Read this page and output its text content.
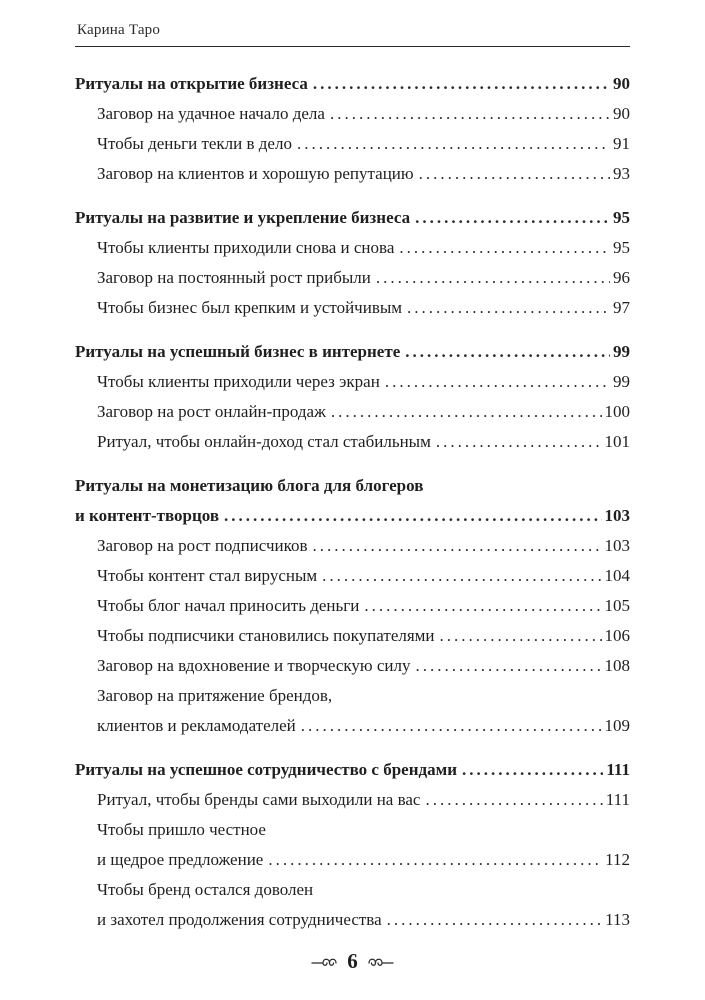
Карина Таро
Ритуалы на открытие бизнеса .....	90
Заговор на удачное начало дела .....	90
Чтобы деньги текли в дело .....	91
Заговор на клиентов и хорошую репутацию .....	93
Ритуалы на развитие и укрепление бизнеса .....	95
Чтобы клиенты приходили снова и снова .....	95
Заговор на постоянный рост прибыли .....	96
Чтобы бизнес был крепким и устойчивым .....	97
Ритуалы на успешный бизнес в интернете .....	99
Чтобы клиенты приходили через экран .....	99
Заговор на рост онлайн-продаж .....	100
Ритуал, чтобы онлайн-доход стал стабильным .....	101
Ритуалы на монетизацию блога для блогеров
и контент-творцов .....	103
Заговор на рост подписчиков .....	103
Чтобы контент стал вирусным .....	104
Чтобы блог начал приносить деньги .....	105
Чтобы подписчики становились покупателями .....	106
Заговор на вдохновение и творческую силу .....	108
Заговор на притяжение брендов,
клиентов и рекламодателей .....	109
Ритуалы на успешное сотрудничество с брендами .....	111
Ритуал, чтобы бренды сами выходили на вас .....	111
Чтобы пришло честное
и щедрое предложение .....	112
Чтобы бренд остался доволен
и захотел продолжения сотрудничества .....	113
6
